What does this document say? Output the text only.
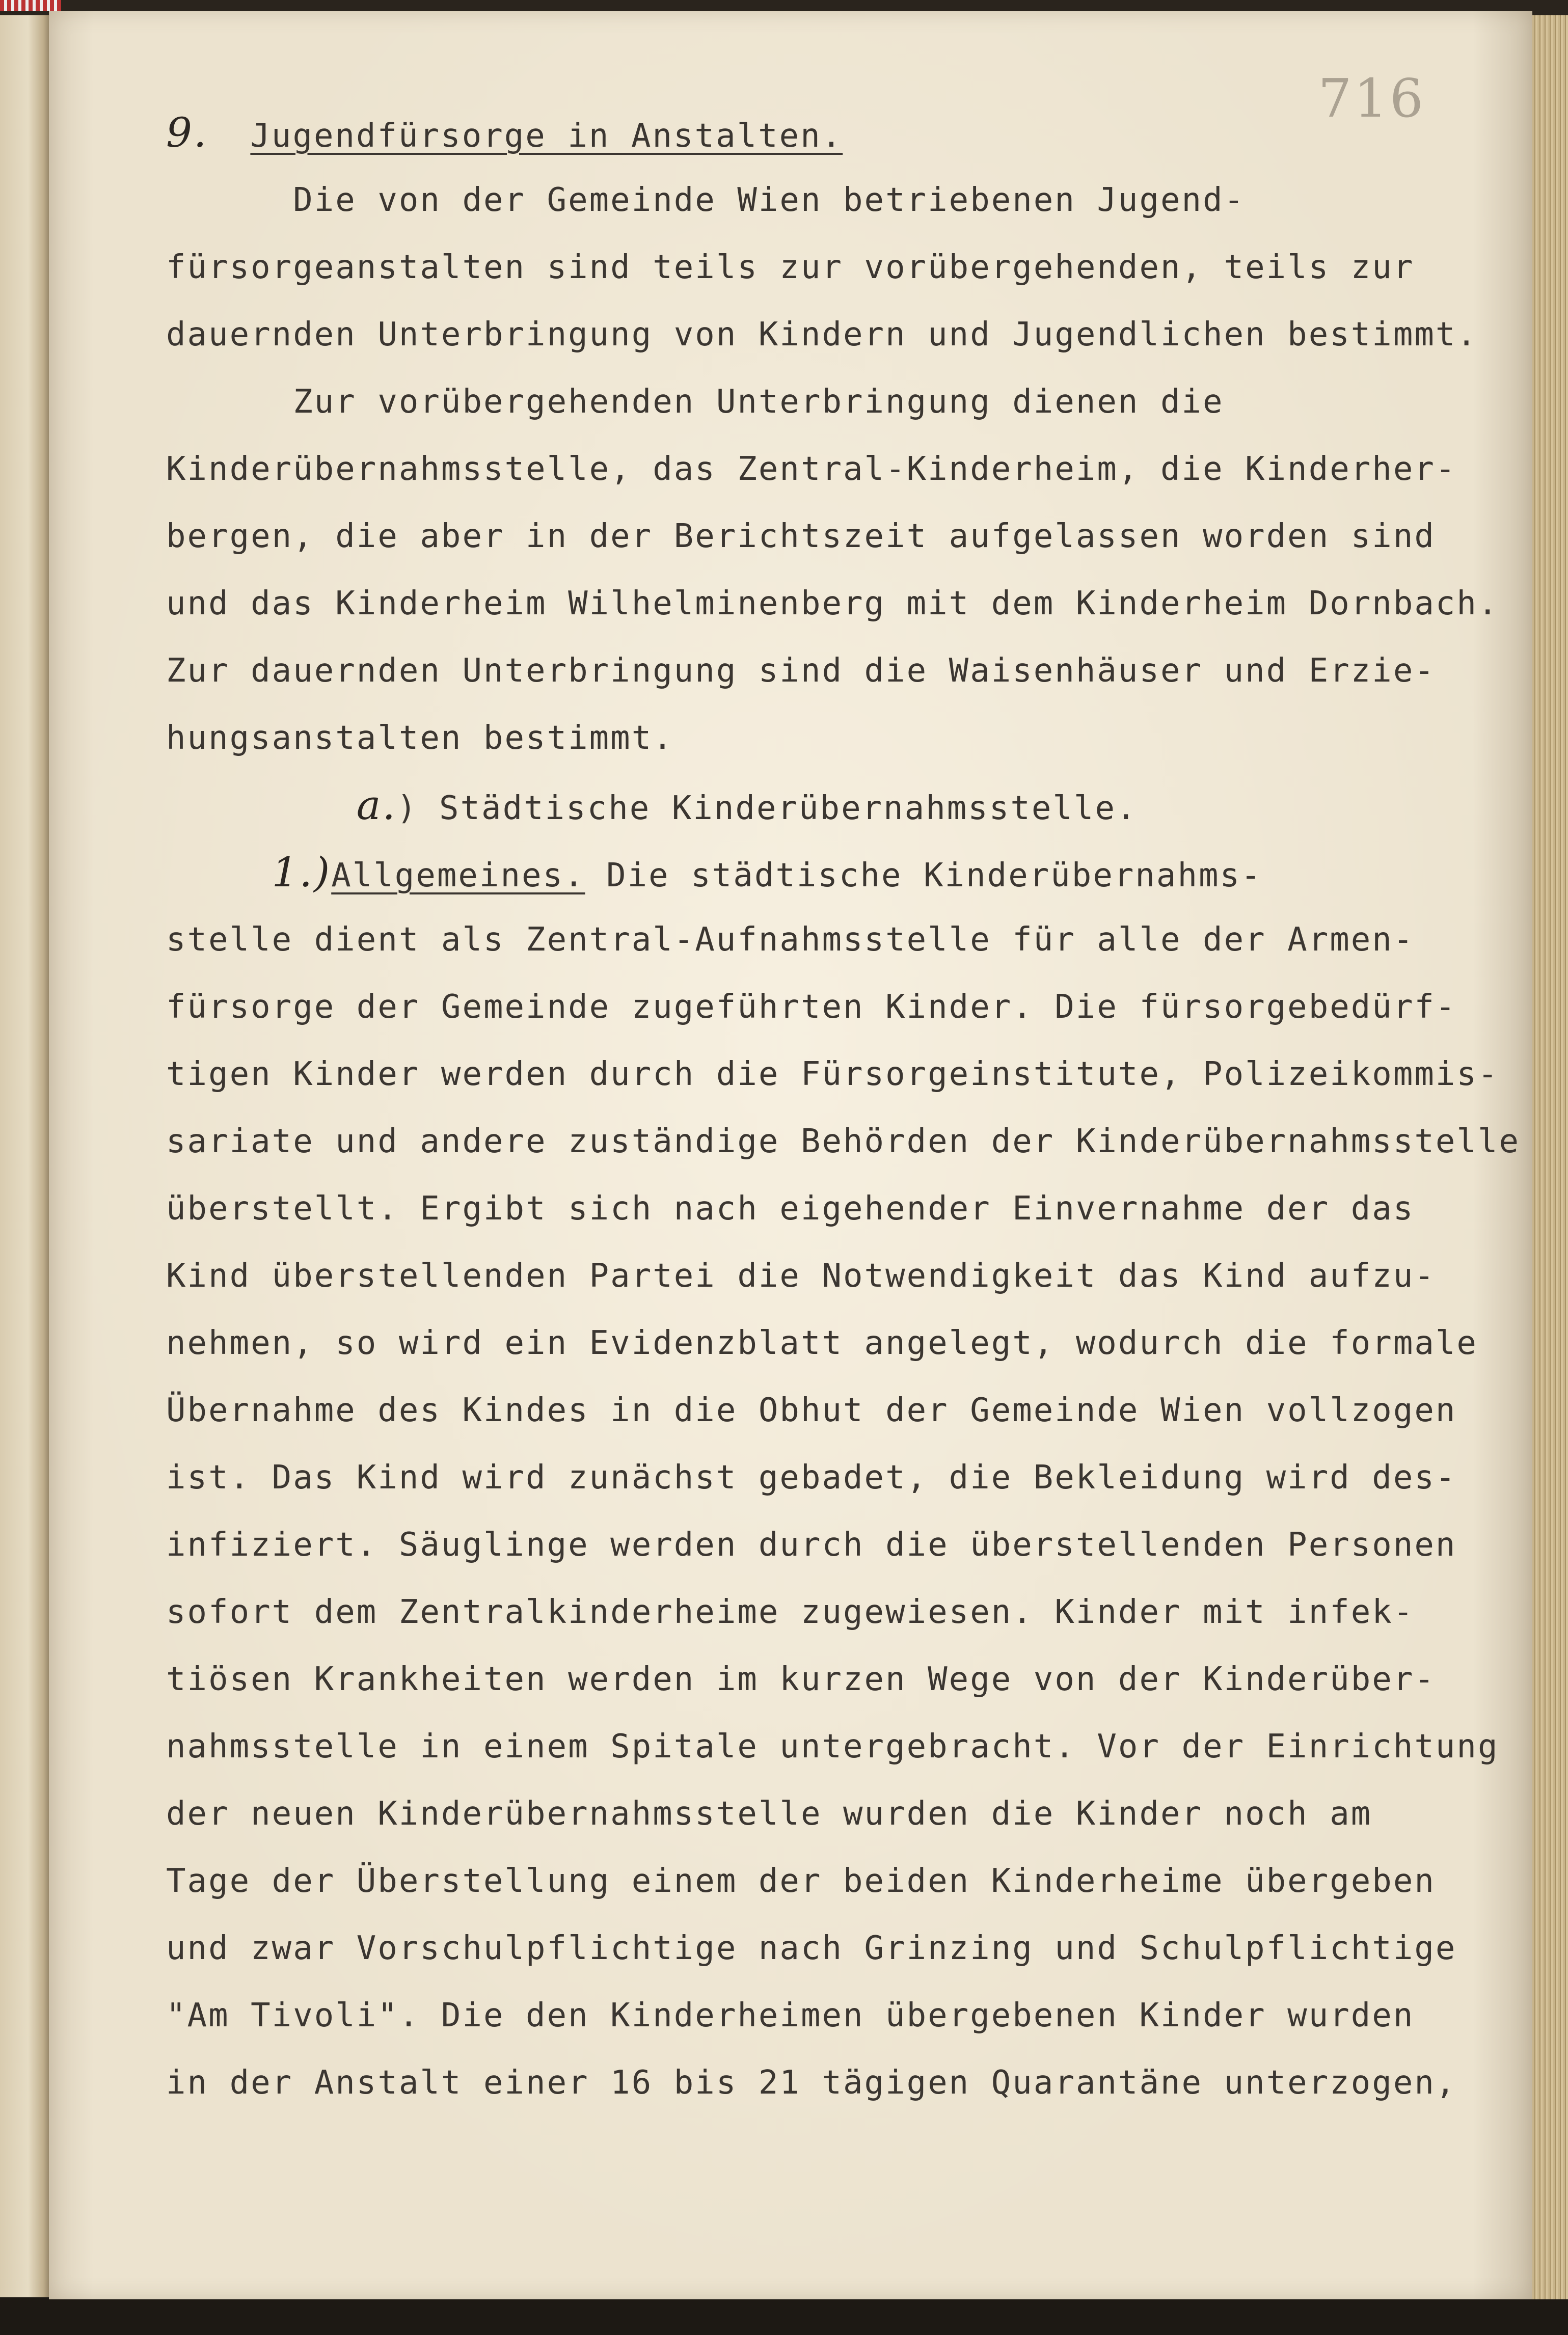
716
9. Jugendfürsorge in Anstalten.
Die von der Gemeinde Wien betriebenen Jugend-
fürsorgeanstalten sind teils zur vorübergehenden, teils zur
dauernden Unterbringung von Kindern und Jugendlichen bestimmt.
Zur vorübergehenden Unterbringung dienen die
Kinderübernahmsstelle, das Zentral-Kinderheim, die Kinderher-
bergen, die aber in der Berichtszeit aufgelassen worden sind
und das Kinderheim Wilhelminenberg mit dem Kinderheim Dornbach.
Zur dauernden Unterbringung sind die Waisenhäuser und Erzie-
hungsanstalten bestimmt.
a.) Städtische Kinderübernahmsstelle.
1.)Allgemeines. Die städtische Kinderübernahms-
stelle dient als Zentral-Aufnahmsstelle für alle der Armen-
fürsorge der Gemeinde zugeführten Kinder. Die fürsorgebedürf-
tigen Kinder werden durch die Fürsorgeinstitute, Polizeikommis-
sariate und andere zuständige Behörden der Kinderübernahmsstelle
überstellt. Ergibt sich nach eigehender Einvernahme der das
Kind überstellenden Partei die Notwendigkeit das Kind aufzu-
nehmen, so wird ein Evidenzblatt angelegt, wodurch die formale
Übernahme des Kindes in die Obhut der Gemeinde Wien vollzogen
ist. Das Kind wird zunächst gebadet, die Bekleidung wird des-
infiziert. Säuglinge werden durch die überstellenden Personen
sofort dem Zentralkinderheime zugewiesen. Kinder mit infek-
tiösen Krankheiten werden im kurzen Wege von der Kinderüber-
nahmsstelle in einem Spitale untergebracht. Vor der Einrichtung
der neuen Kinderübernahmsstelle wurden die Kinder noch am
Tage der Überstellung einem der beiden Kinderheime übergeben
und zwar Vorschulpflichtige nach Grinzing und Schulpflichtige
"Am Tivoli". Die den Kinderheimen übergebenen Kinder wurden
in der Anstalt einer 16 bis 21 tägigen Quarantäne unterzogen,
